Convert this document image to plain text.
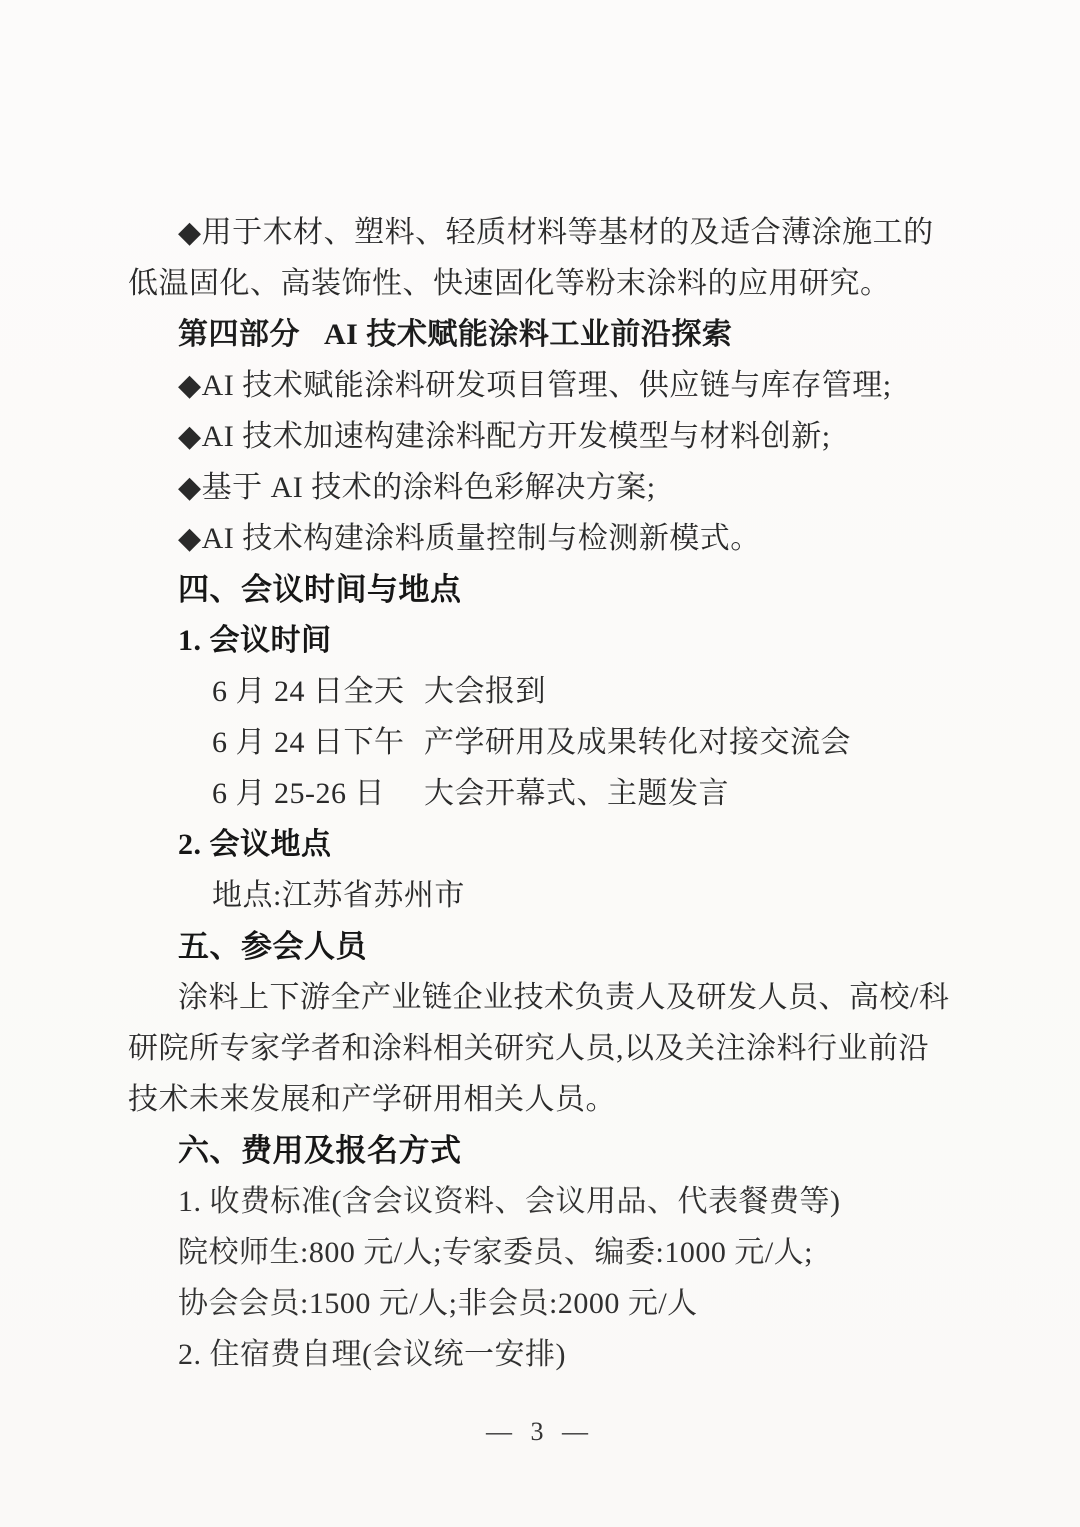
◆用于木材、塑料、轻质材料等基材的及适合薄涂施工的
低温固化、高装饰性、快速固化等粉末涂料的应用研究。
第四部分   AI 技术赋能涂料工业前沿探索
◆AI 技术赋能涂料研发项目管理、供应链与库存管理;
◆AI 技术加速构建涂料配方开发模型与材料创新;
◆基于 AI 技术的涂料色彩解决方案;
◆AI 技术构建涂料质量控制与检测新模式。
四、会议时间与地点
1. 会议时间
6 月 24 日全天 大会报到
6 月 24 日下午 产学研用及成果转化对接交流会
6 月 25-26 日	大会开幕式、主题发言
2. 会议地点
地点:江苏省苏州市
五、参会人员
涂料上下游全产业链企业技术负责人及研发人员、高校/科
研院所专家学者和涂料相关研究人员,以及关注涂料行业前沿
技术未来发展和产学研用相关人员。
六、费用及报名方式
1. 收费标准(含会议资料、会议用品、代表餐费等)
院校师生:800 元/人;专家委员、编委:1000 元/人;
协会会员:1500 元/人;非会员:2000 元/人
2. 住宿费自理(会议统一安排)
— 3 —
